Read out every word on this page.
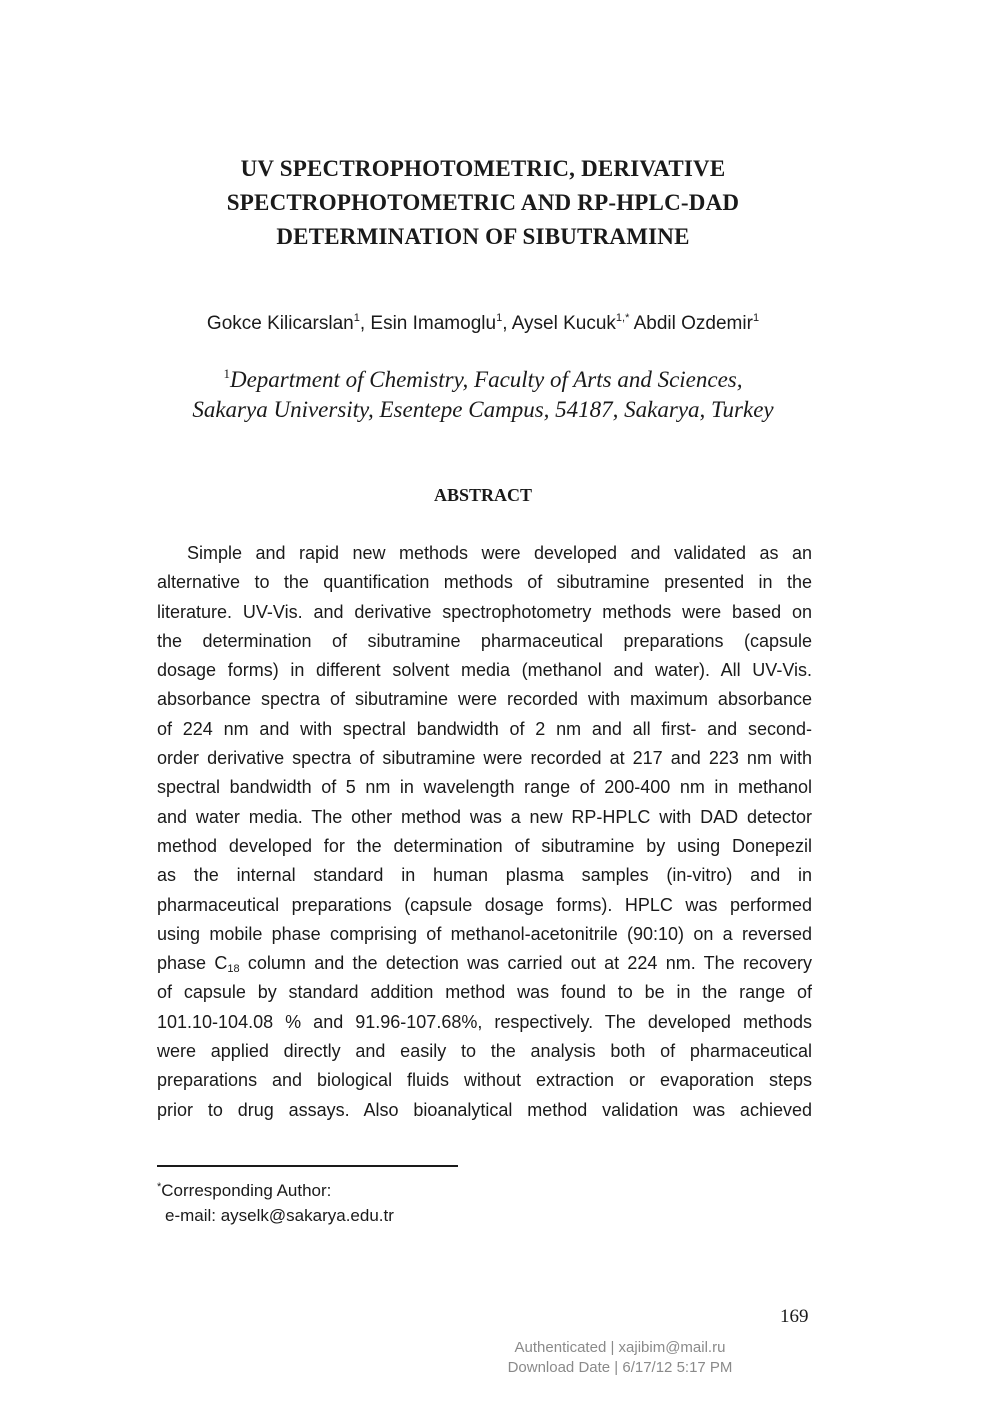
UV SPECTROPHOTOMETRIC, DERIVATIVE
SPECTROPHOTOMETRIC AND RP-HPLC-DAD
DETERMINATION OF SIBUTRAMINE
Gokce Kilicarslan$^1$, Esin Imamoglu$^1$, Aysel Kucuk$^{1,*}$ Abdil Ozdemir$^1$
$^1$Department of Chemistry, Faculty of Arts and Sciences,
Sakarya University, Esentepe Campus, 54187, Sakarya, Turkey
ABSTRACT
Simple and rapid new methods were developed and validated as an
alternative to the quantification methods of sibutramine presented in the
literature. UV-Vis. and derivative spectrophotometry methods were based on
the determination of sibutramine pharmaceutical preparations (capsule
dosage forms) in different solvent media (methanol and water). All UV-Vis.
absorbance spectra of sibutramine were recorded with maximum absorbance
of 224 nm and with spectral bandwidth of 2 nm and all first- and second-
order derivative spectra of sibutramine were recorded at 217 and 223 nm with
spectral bandwidth of 5 nm in wavelength range of 200-400 nm in methanol
and water media. The other method was a new RP-HPLC with DAD detector
method developed for the determination of sibutramine by using Donepezil
as the internal standard in human plasma samples (in-vitro) and in
pharmaceutical preparations (capsule dosage forms). HPLC was performed
using mobile phase comprising of methanol-acetonitrile (90:10) on a reversed
phase $C_{18}$ column and the detection was carried out at 224 nm. The recovery
of capsule by standard addition method was found to be in the range of
101.10-104.08 % and 91.96-107.68%, respectively. The developed methods
were applied directly and easily to the analysis both of pharmaceutical
preparations and biological fluids without extraction or evaporation steps
prior to drug assays. Also bioanalytical method validation was achieved
*Corresponding Author:
e-mail: ayselk@sakarya.edu.tr
169
Authenticated | xajibim@mail.ru
Download Date | 6/17/12 5:17 PM
